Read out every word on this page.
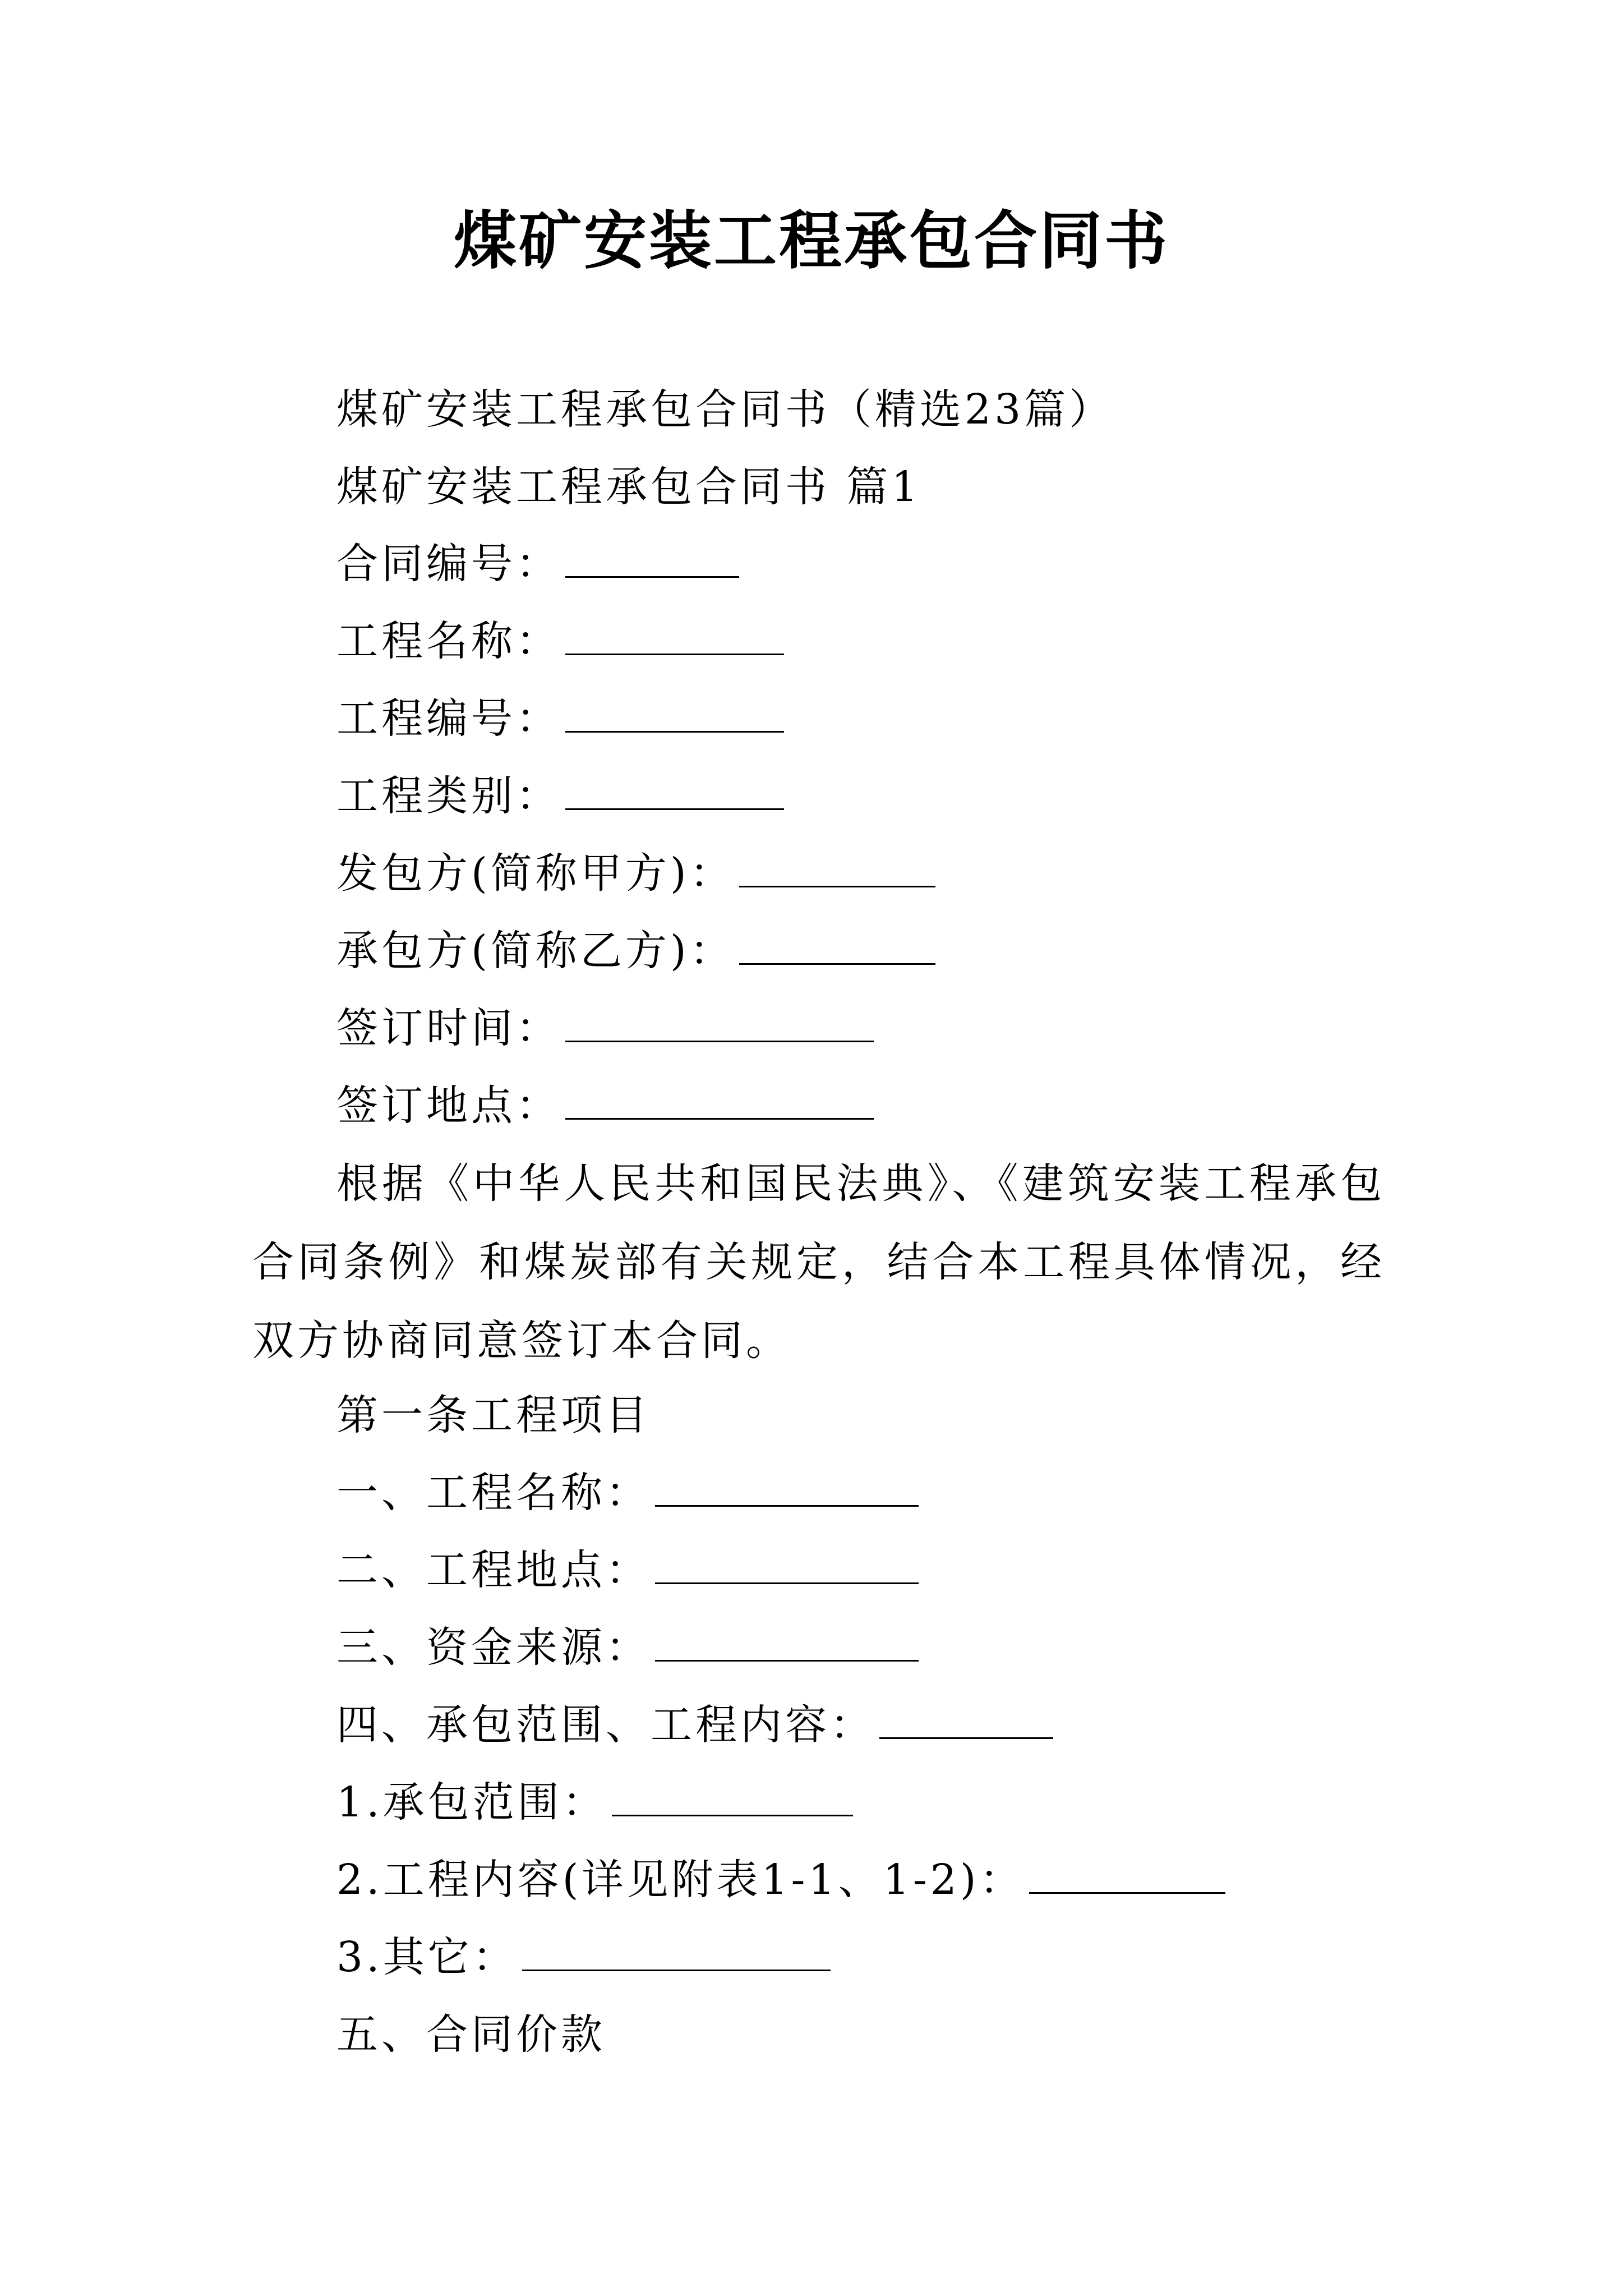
煤矿安装工程承包合同书
煤矿安装工程承包合同书（精选23篇）
煤矿安装工程承包合同书 篇1
合同编号：
工程名称：
工程编号：
工程类别：
发包方(简称甲方)：
承包方(简称乙方)：
签订时间：
签订地点：
根据《中华人民共和国民法典》、《建筑安装工程承包合同条例》和煤炭部有关规定，结合本工程具体情况，经双方协商同意签订本合同。
第一条工程项目
一、工程名称：
二、工程地点：
三、资金来源：
四、承包范围、工程内容：
1.承包范围：
2.工程内容(详见附表1-1、1-2)：
3.其它：
五、合同价款
